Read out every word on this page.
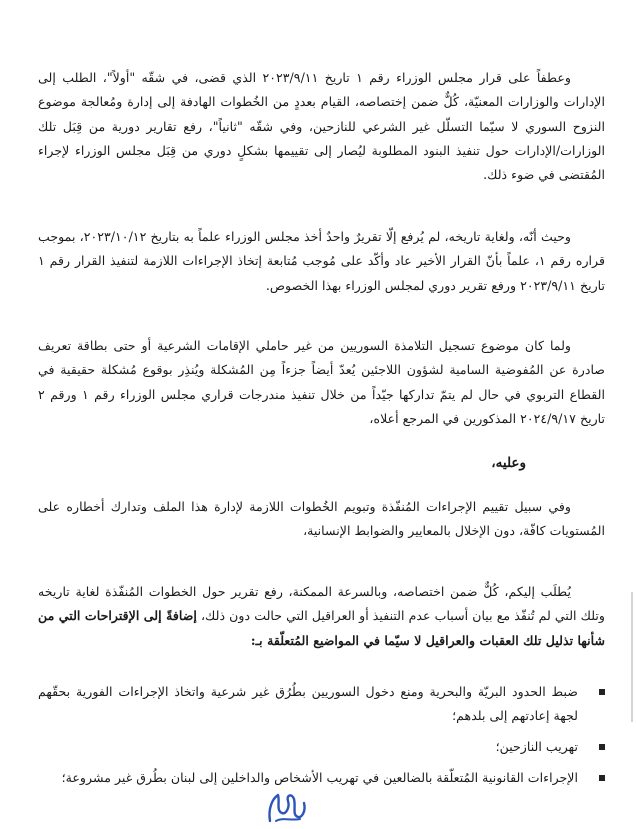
وعطفاً على قرار مجلس الوزراء رقم ١ تاريخ ٢٠٢٣/٩/١١ الذي قضى، في شقّه "أولاً"، الطلب إلى الإدارات والوزارات المعنيّة، كُلٌّ ضمن إختصاصه، القيام بعددٍ من الخُطوات الهادفة إلى إدارة ومُعالجة موضوع النزوح السوري لا سيّما التسلّل غير الشرعي للنازحين، وفي شقّه "ثانياً"، رفع تقارير دورية من قِبَل تلك الوزارات/الإدارات حول تنفيذ البنود المطلوبة ليُصار إلى تقييمها بشكلٍ دوري من قِبَل مجلس الوزراء لإجراء المُقتضى في ضوء ذلك.

وحيث أنّه، ولغاية تاريخه، لم يُرفع إلّا تقريرٌ واحدٌ أخذ مجلس الوزراء علماً به بتاريخ ٢٠٢٣/١٠/١٢، بموجب قراره رقم ١، علماً بأنّ القرار الأخير عاد وأكّد على مُوجب مُتابعة إتخاذ الإجراءات اللازمة لتنفيذ القرار رقم ١ تاريخ ٢٠٢٣/٩/١١ ورفع تقرير دوري لمجلس الوزراء بهذا الخصوص.

ولما كان موضوع تسجيل التلامذة السوريين من غير حاملي الإقامات الشرعية أو حتى بطاقة تعريف صادرة عن المُفوضية السامية لشؤون اللاجئين يُعدّ أيضاً جزءاً مِن المُشكلة ويُنذِر بوقوع مُشكلة حقيقية في القطاع التربوي في حال لم يتمّ تداركها جيّداً من خلال تنفيذ مندرجات قراري مجلس الوزراء رقم ١ ورقم ٢ تاريخ ٢٠٢٤/٩/١٧ المذكورين في المرجع أعلاه،

وعليه،

وفي سبيل تقييم الإجراءات المُنفّذة وتبويم الخُطوات اللازمة لإدارة هذا الملف وتدارك أخطاره على المُستويات كافّة، دون الإخلال بالمعايير والضوابط الإنسانية،

يُطلَب إليكم، كُلٌّ ضمن اختصاصه، وبالسرعة الممكنة، رفع تقرير حول الخطوات المُنفّذة لغاية تاريخه وتلك التي لم تُنفّذ مع بيان أسباب عدم التنفيذ أو العراقيل التي حالت دون ذلك، إضافةً إلى الإقتراحات التي من شأنها تذليل تلك العقبات والعراقيل لا سيّما في المواضيع المُتعلّقة بـ:

ضبط الحدود البريّة والبحرية ومنع دخول السوريين بطُرُق غير شرعية واتخاذ الإجراءات الفورية بحقّهم لجهة إعادتهم إلى بلدهم؛
تهريب النازحين؛
الإجراءات القانونية المُتعلّقة بالضالعين في تهريب الأشخاص والداخلين إلى لبنان بطُرق غير مشروعة؛
